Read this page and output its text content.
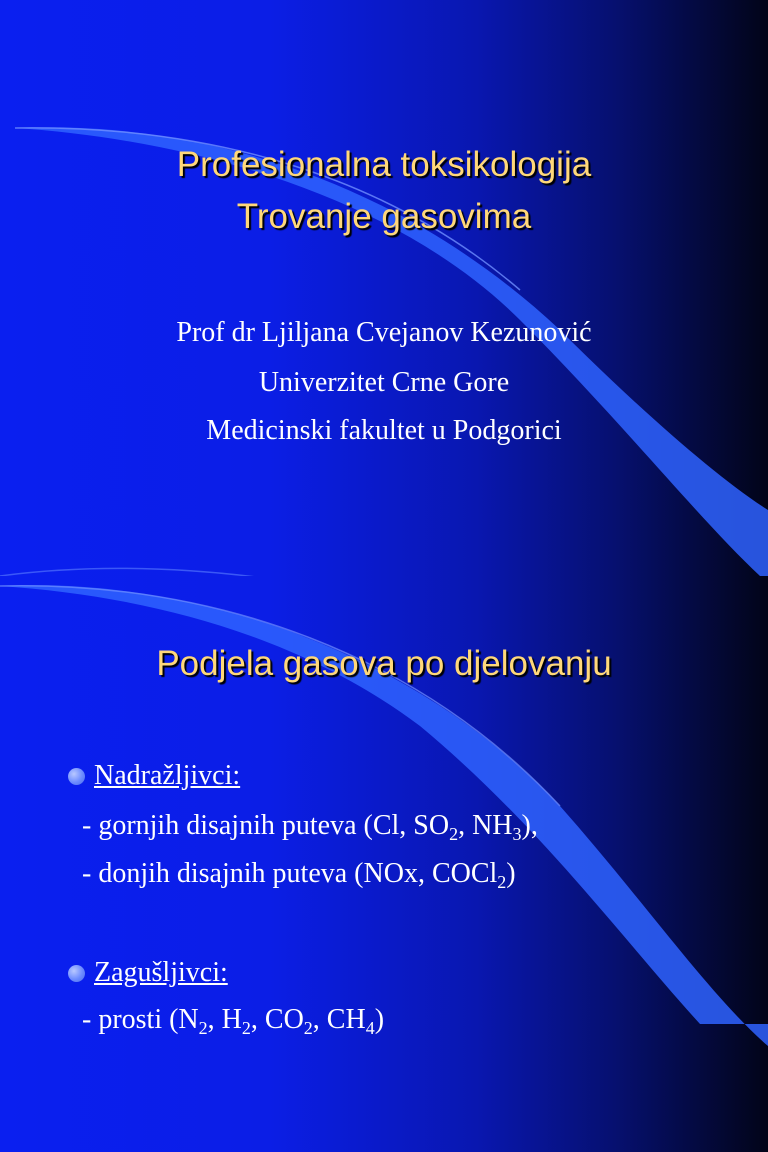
Profesionalna toksikologija
Trovanje gasovima
Prof dr Ljiljana Cvejanov Kezunović
Univerzitet Crne Gore
Medicinski fakultet u Podgorici
Podjela gasova po djelovanju
Nadražljivci:
- gornjih disajnih puteva (Cl, $SO_2$, $NH_3$),
- donjih disajnih puteva (NOx, COCl$_2$)
Zagušljivci:
- prosti ($N_2$, $H_2$, $CO_2$, $CH_4$)
